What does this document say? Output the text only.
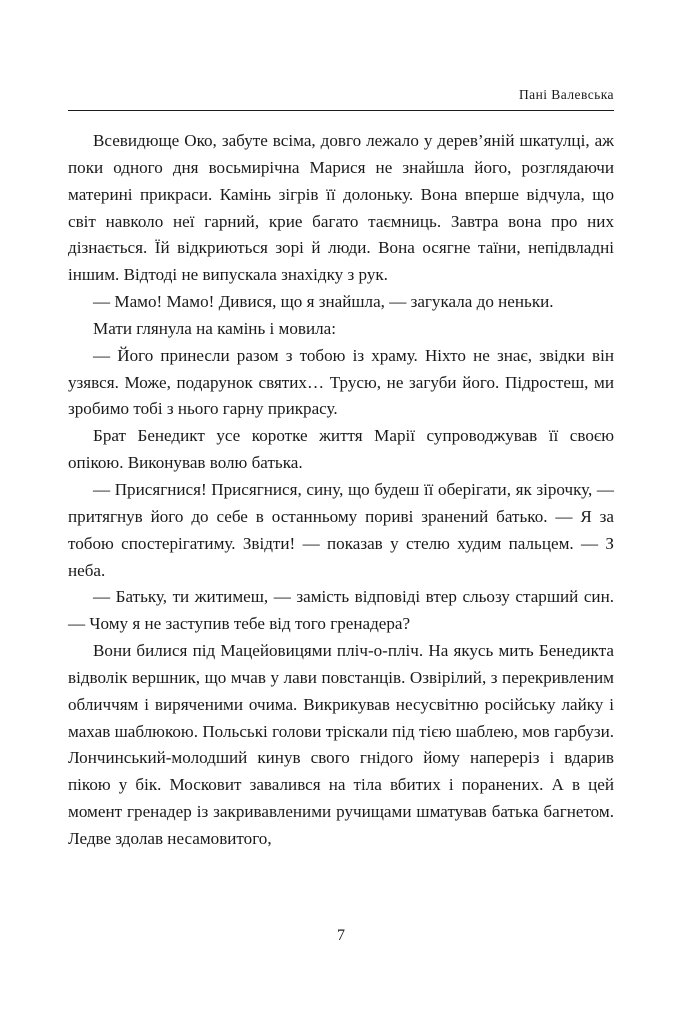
Пані Валевська

Всевидюще Око, забуте всіма, довго лежало у дерев’яній шкатулці, аж поки одного дня восьмирічна Марися не знайшла його, розглядаючи материні прикраси. Камінь зігрів її долоньку. Вона вперше відчула, що світ навколо неї гарний, крие багато таємниць. Завтра вона про них дізнається. Їй відкриються зорі й люди. Вона осягне таїни, непідвладні іншим. Відтоді не випускала знахідку з рук.

— Мамо! Мамо! Дивися, що я знайшла, — загукала до неньки.

Мати глянула на камінь і мовила:

— Його принесли разом з тобою із храму. Ніхто не знає, звідки він узявся. Може, подарунок святих… Трусю, не загуби його. Підростеш, ми зробимо тобі з нього гарну прикрасу.

Брат Бенедикт усе коротке життя Марії супроводжував її своєю опікою. Виконував волю батька.

— Присягнися! Присягнися, сину, що будеш її оберігати, як зірочку, — притягнув його до себе в останньому пориві зранений батько. — Я за тобою спостерігатиму. Звідти! — показав у стелю худим пальцем. — З неба.

— Батьку, ти житимеш, — замість відповіді втер сльозу старший син. — Чому я не заступив тебе від того гренадера?

Вони билися під Мацейовицями пліч-о-пліч. На якусь мить Бенедикта відволік вершник, що мчав у лави повстанців. Озвірілий, з перекривленим обличчям і виряченими очима. Викрикував несусвітню російську лайку і махав шаблюкою. Польські голови тріскали під тією шаблею, мов гарбузи. Лончинський-молодший кинув свого гнідого йому наперeріз і вдарив пікою у бік. Московит завалився на тіла вбитих і поранених. А в цей момент гренадер із закривавленими ручищами шматував батька багнетом. Ледве здолав несамовитого,

7
